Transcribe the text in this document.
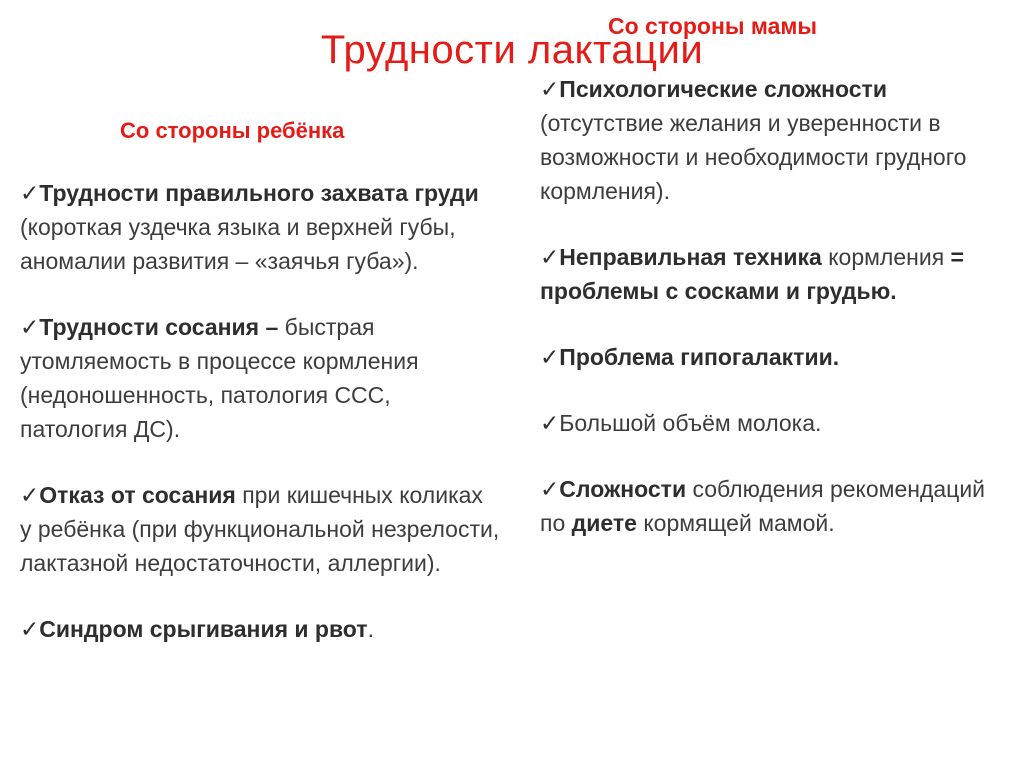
Трудности лактации
Со стороны мамы
Со стороны ребёнка
✓Трудности правильного захвата груди (короткая уздечка языка и верхней губы, аномалии развития – «заячья губа»).
✓Трудности сосания – быстрая утомляемость в процессе кормления (недоношенность, патология ССС, патология ДС).
✓Отказ от сосания при кишечных коликах у ребёнка (при функциональной незрелости, лактазной недостаточности, аллергии).
✓Синдром срыгивания и рвот.
✓Психологические сложности (отсутствие желания и уверенности в возможности и необходимости грудного кормления).
✓Неправильная техника кормления = проблемы с сосками и грудью.
✓Проблема гипогалактии.
✓Большой объём молока.
✓Сложности соблюдения рекомендаций по диете кормящей мамой.
